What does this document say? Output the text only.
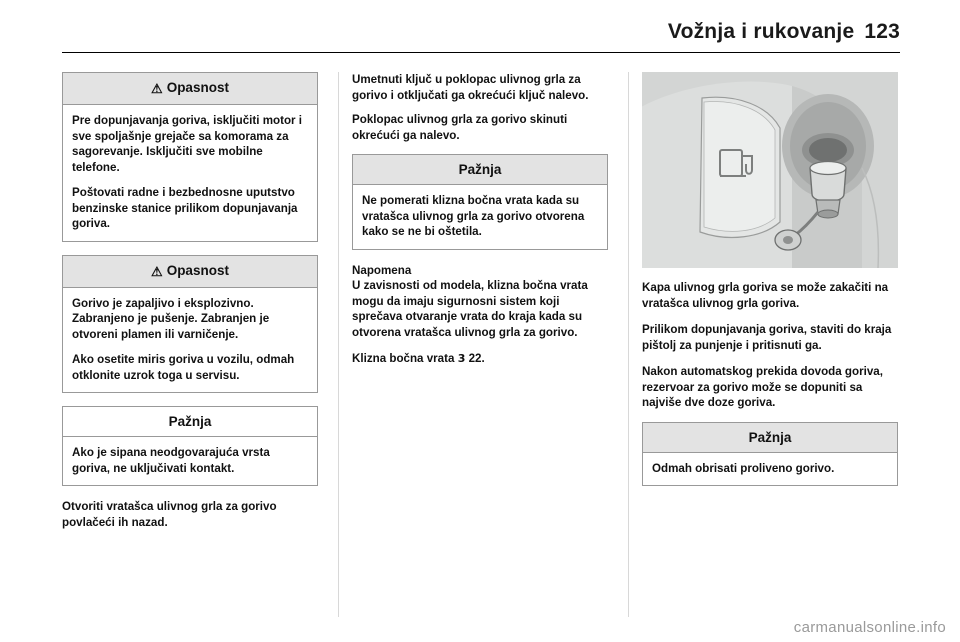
Vožnja i rukovanje 123
⚠ Opasnost

Pre dopunjavanja goriva, isključiti motor i sve spoljašnje grejače sa komorama za sagorevanje. Isključiti sve mobilne telefone.

Poštovati radne i bezbednosne uputstvo benzinske stanice prilikom dopunjavanja goriva.

⚠ Opasnost

Gorivo je zapaljivo i eksplozivno. Zabranjeno je pušenje. Zabranjen je otvoreni plamen ili varničenje.

Ako osetite miris goriva u vozilu, odmah otklonite uzrok toga u servisu.

Pažnja

Ako je sipana neodgovarajuća vrsta goriva, ne uključivati kontakt.

Otvoriti vratašca ulivnog grla za gorivo povlačeći ih nazad.

Umetnuti ključ u poklopac ulivnog grla za gorivo i otključati ga okrećući ključ nalevo.

Poklopac ulivnog grla za gorivo skinuti okrećući ga nalevo.

Pažnja

Ne pomerati klizna bočna vrata kada su vratašca ulivnog grla za gorivo otvorena kako se ne bi oštetila.

Napomena

U zavisnosti od modela, klizna bočna vrata mogu da imaju sigurnosni sistem koji sprečava otvaranje vrata do kraja kada su otvorena vratašca ulivnog grla za gorivo.

Klizna bočna vrata 3 22.

Kapa ulivnog grla goriva se može zakačiti na vratašca ulivnog grla goriva.

Prilikom dopunjavanja goriva, staviti do kraja pištolj za punjenje i pritisnuti ga.

Nakon automatskog prekida dovoda goriva, rezervoar za gorivo može se dopuniti sa najviše dve doze goriva.

Pažnja

Odmah obrisati proliveno gorivo.

carmanualsonline.info
